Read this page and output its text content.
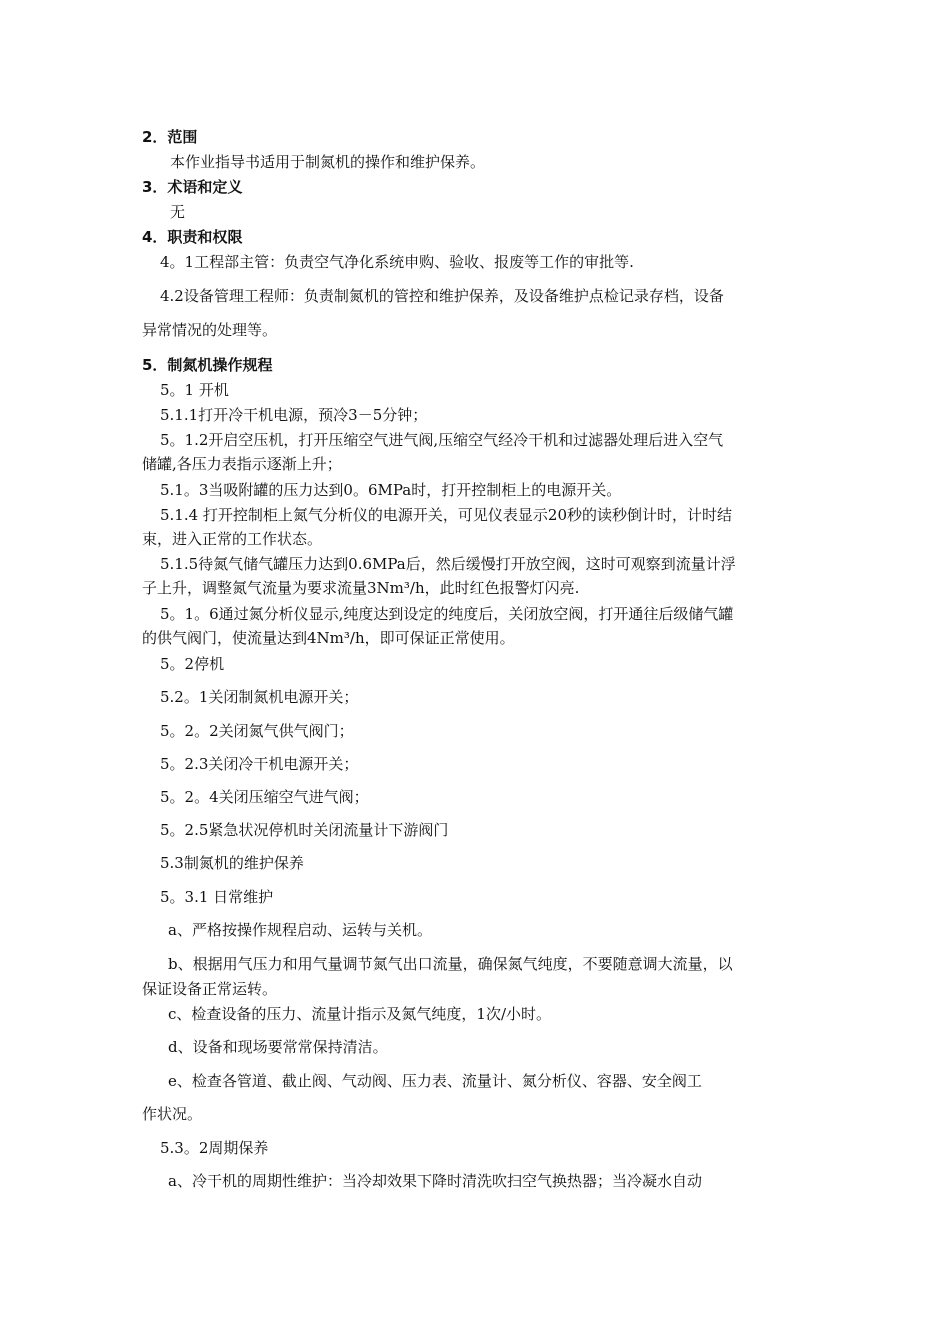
2．范围
本作业指导书适用于制氮机的操作和维护保养。
3．术语和定义
无
4．职责和权限
4。1工程部主管：负责空气净化系统申购、验收、报废等工作的审批等.
4.2设备管理工程师：负责制氮机的管控和维护保养，及设备维护点检记录存档，设备
异常情况的处理等。
5．制氮机操作规程
5。1 开机
5.1.1打开冷干机电源，预冷3－5分钟；
5。1.2开启空压机，打开压缩空气进气阀,压缩空气经冷干机和过滤器处理后进入空气
储罐,各压力表指示逐渐上升；
5.1。3当吸附罐的压力达到0。6MPa时，打开控制柜上的电源开关。
5.1.4 打开控制柜上氮气分析仪的电源开关，可见仪表显示20秒的读秒倒计时，计时结
束，进入正常的工作状态。
5.1.5待氮气储气罐压力达到0.6MPa后，然后缓慢打开放空阀，这时可观察到流量计浮
子上升，调整氮气流量为要求流量3Nm³/h，此时红色报警灯闪亮.
5。1。6通过氮分析仪显示,纯度达到设定的纯度后，关闭放空阀，打开通往后级储气罐
的供气阀门，使流量达到4Nm³/h，即可保证正常使用。
5。2停机
5.2。1关闭制氮机电源开关；
5。2。2关闭氮气供气阀门；
5。2.3关闭冷干机电源开关；
5。2。4关闭压缩空气进气阀；
5。2.5紧急状况停机时关闭流量计下游阀门
5.3制氮机的维护保养
5。3.1 日常维护
a、严格按操作规程启动、运转与关机。
b、根据用气压力和用气量调节氮气出口流量，确保氮气纯度，不要随意调大流量，以
保证设备正常运转。
c、检查设备的压力、流量计指示及氮气纯度，1次/小时。
d、设备和现场要常常保持清洁。
e、检查各管道、截止阀、气动阀、压力表、流量计、氮分析仪、容器、安全阀工
作状况。
5.3。2周期保养
a、冷干机的周期性维护：当冷却效果下降时清洗吹扫空气换热器；当冷凝水自动
